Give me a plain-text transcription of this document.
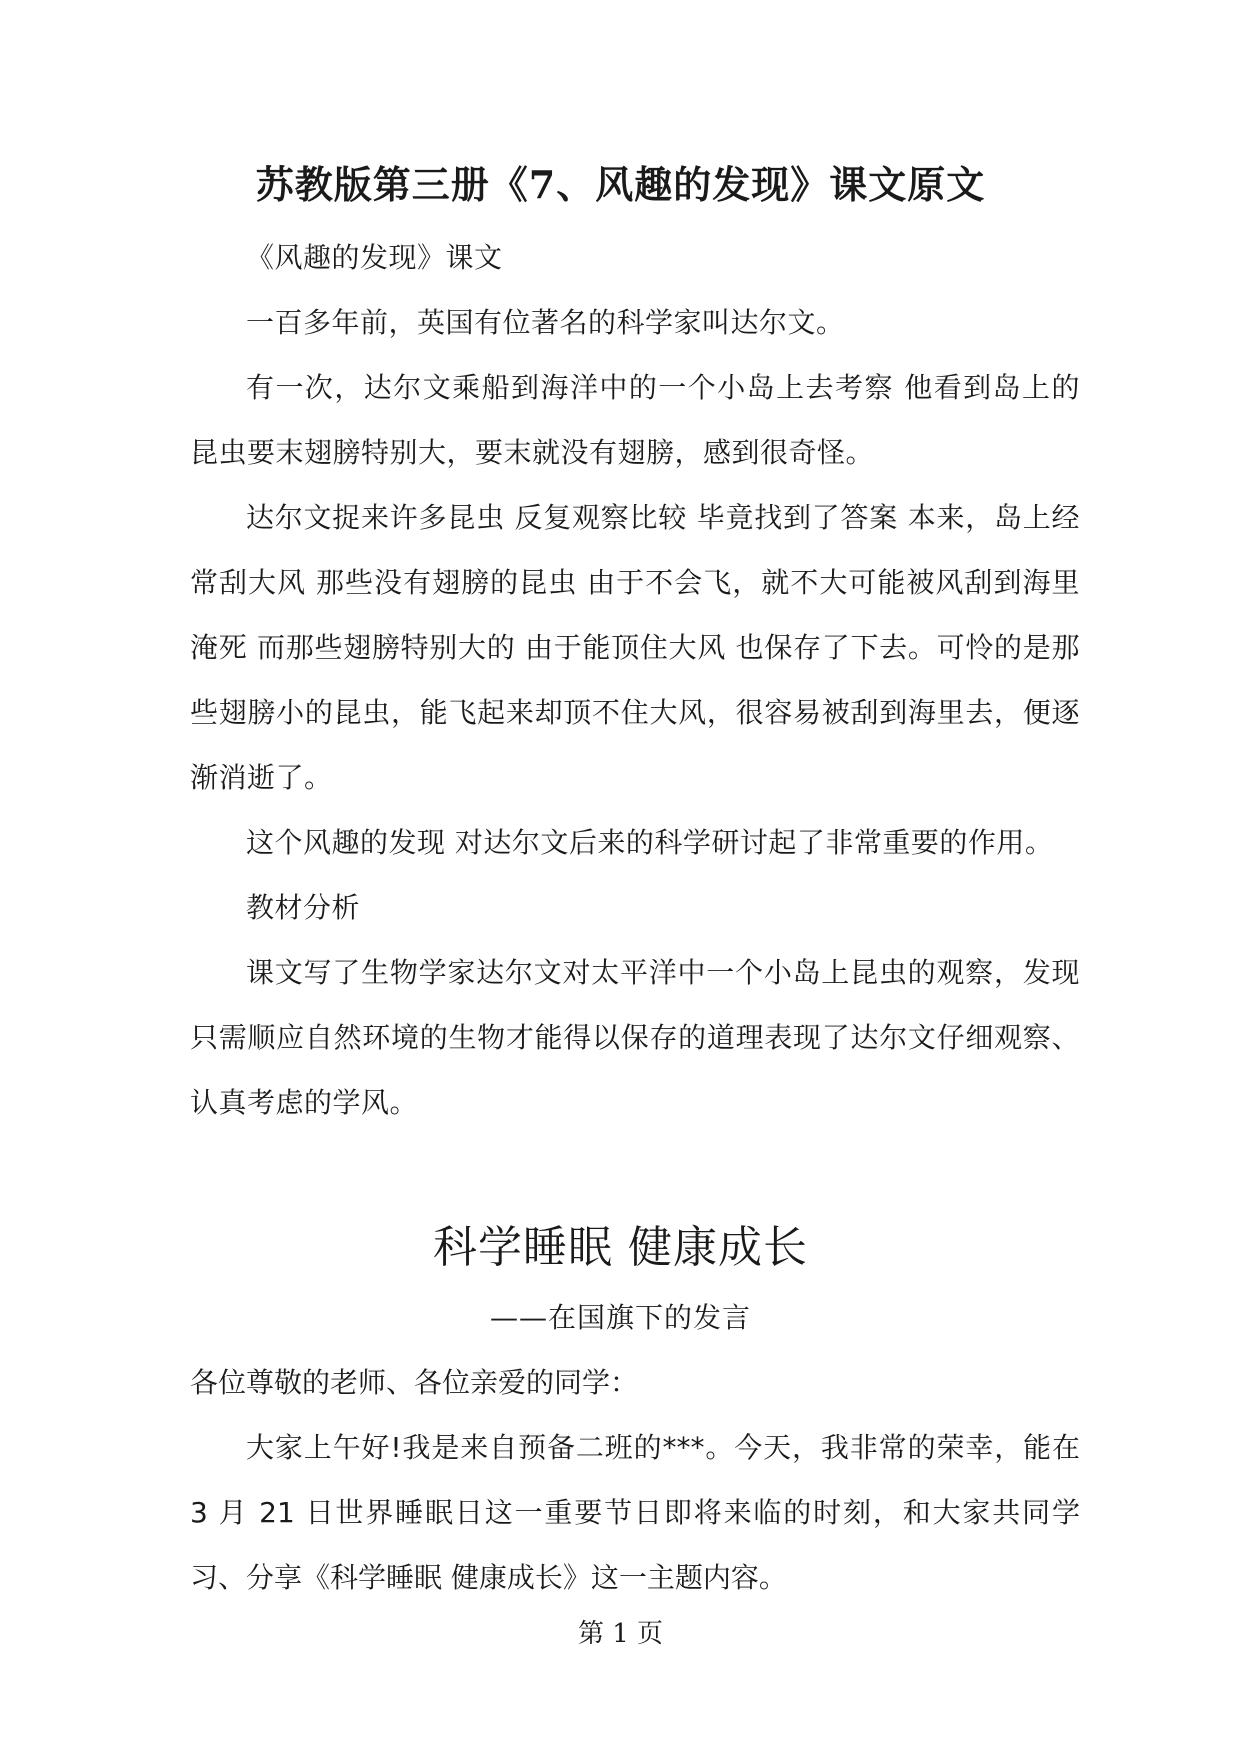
苏教版第三册《7、风趣的发现》课文原文

《风趣的发现》课文

一百多年前，英国有位著名的科学家叫达尔文。

有一次，达尔文乘船到海洋中的一个小岛上去考察 他看到岛上的昆虫要末翅膀特别大，要末就没有翅膀，感到很奇怪。

达尔文捉来许多昆虫 反复观察比较 毕竟找到了答案 本来，岛上经常刮大风 那些没有翅膀的昆虫 由于不会飞，就不大可能被风刮到海里淹死 而那些翅膀特别大的 由于能顶住大风 也保存了下去。可怜的是那些翅膀小的昆虫，能飞起来却顶不住大风，很容易被刮到海里去，便逐渐消逝了。

这个风趣的发现 对达尔文后来的科学研讨起了非常重要的作用。

教材分析

课文写了生物学家达尔文对太平洋中一个小岛上昆虫的观察，发现只需顺应自然环境的生物才能得以保存的道理表现了达尔文仔细观察、认真考虑的学风。

科学睡眠 健康成长
——在国旗下的发言

各位尊敬的老师、各位亲爱的同学：

大家上午好!我是来自预备二班的***。今天，我非常的荣幸，能在 3 月 21 日世界睡眠日这一重要节日即将来临的时刻，和大家共同学习、分享《科学睡眠 健康成长》这一主题内容。

第 1 页
